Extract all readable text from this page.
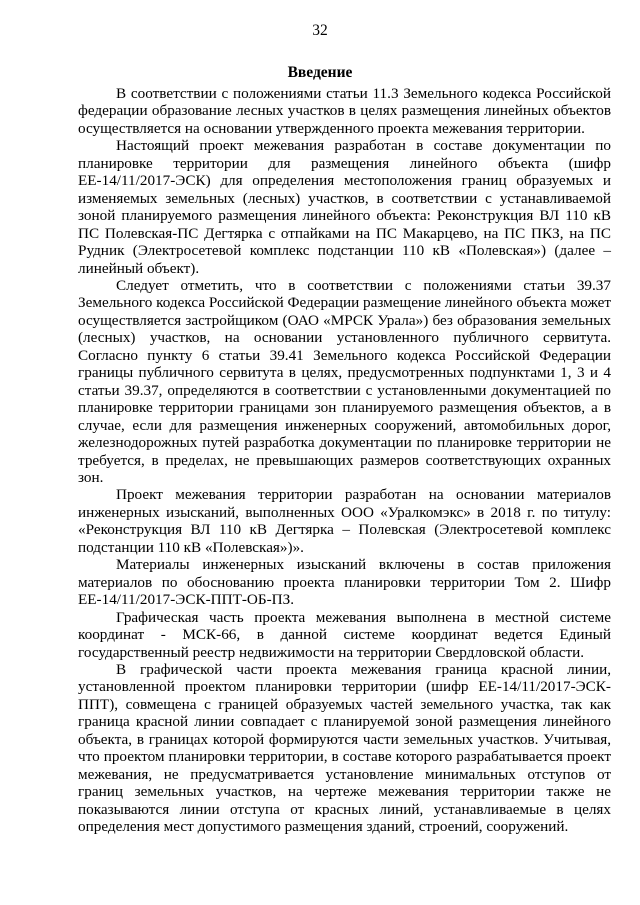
32
Введение

В соответствии с положениями статьи 11.3 Земельного кодекса Российской федерации образование лесных участков в целях размещения линейных объектов осуществляется на основании утвержденного проекта межевания территории.

Настоящий проект межевания разработан в составе документации по планировке территории для размещения линейного объекта (шифр ЕЕ-14/11/2017-ЭСК) для определения местоположения границ образуемых и изменяемых земельных (лесных) участков, в соответствии с устанавливаемой зоной планируемого размещения линейного объекта: Реконструкция ВЛ 110 кВ ПС Полевская-ПС Дегтярка с отпайками на ПС Макарцево, на ПС ПКЗ, на ПС Рудник (Электросетевой комплекс подстанции 110 кВ «Полевская») (далее – линейный объект).

Следует отметить, что в соответствии с положениями статьи 39.37 Земельного кодекса Российской Федерации размещение линейного объекта может осуществляется застройщиком (ОАО «МРСК Урала») без образования земельных (лесных) участков, на основании установленного публичного сервитута. Согласно пункту 6 статьи 39.41 Земельного кодекса Российской Федерации границы публичного сервитута в целях, предусмотренных подпунктами 1, 3 и 4 статьи 39.37, определяются в соответствии с установленными документацией по планировке территории границами зон планируемого размещения объектов, а в случае, если для размещения инженерных сооружений, автомобильных дорог, железнодорожных путей разработка документации по планировке территории не требуется, в пределах, не превышающих размеров соответствующих охранных зон.

Проект межевания территории разработан на основании материалов инженерных изысканий, выполненных ООО «Уралкомэкс» в 2018 г. по титулу: «Реконструкция ВЛ 110 кВ Дегтярка – Полевская (Электросетевой комплекс подстанции 110 кВ «Полевская»)».

Материалы инженерных изысканий включены в состав приложения материалов по обоснованию проекта планировки территории Том 2. Шифр ЕЕ-14/11/2017-ЭСК-ППТ-ОБ-ПЗ.

Графическая часть проекта межевания выполнена в местной системе координат - МСК-66, в данной системе координат ведется Единый государственный реестр недвижимости на территории Свердловской области.

В графической части проекта межевания граница красной линии, установленной проектом планировки территории (шифр ЕЕ-14/11/2017-ЭСК-ППТ), совмещена с границей образуемых частей земельного участка, так как граница красной линии совпадает с планируемой зоной размещения линейного объекта, в границах которой формируются части земельных участков. Учитывая, что проектом планировки территории, в составе которого разрабатывается проект межевания, не предусматривается установление минимальных отступов от границ земельных участков, на чертеже межевания территории также не показываются линии отступа от красных линий, устанавливаемые в целях определения мест допустимого размещения зданий, строений, сооружений.
